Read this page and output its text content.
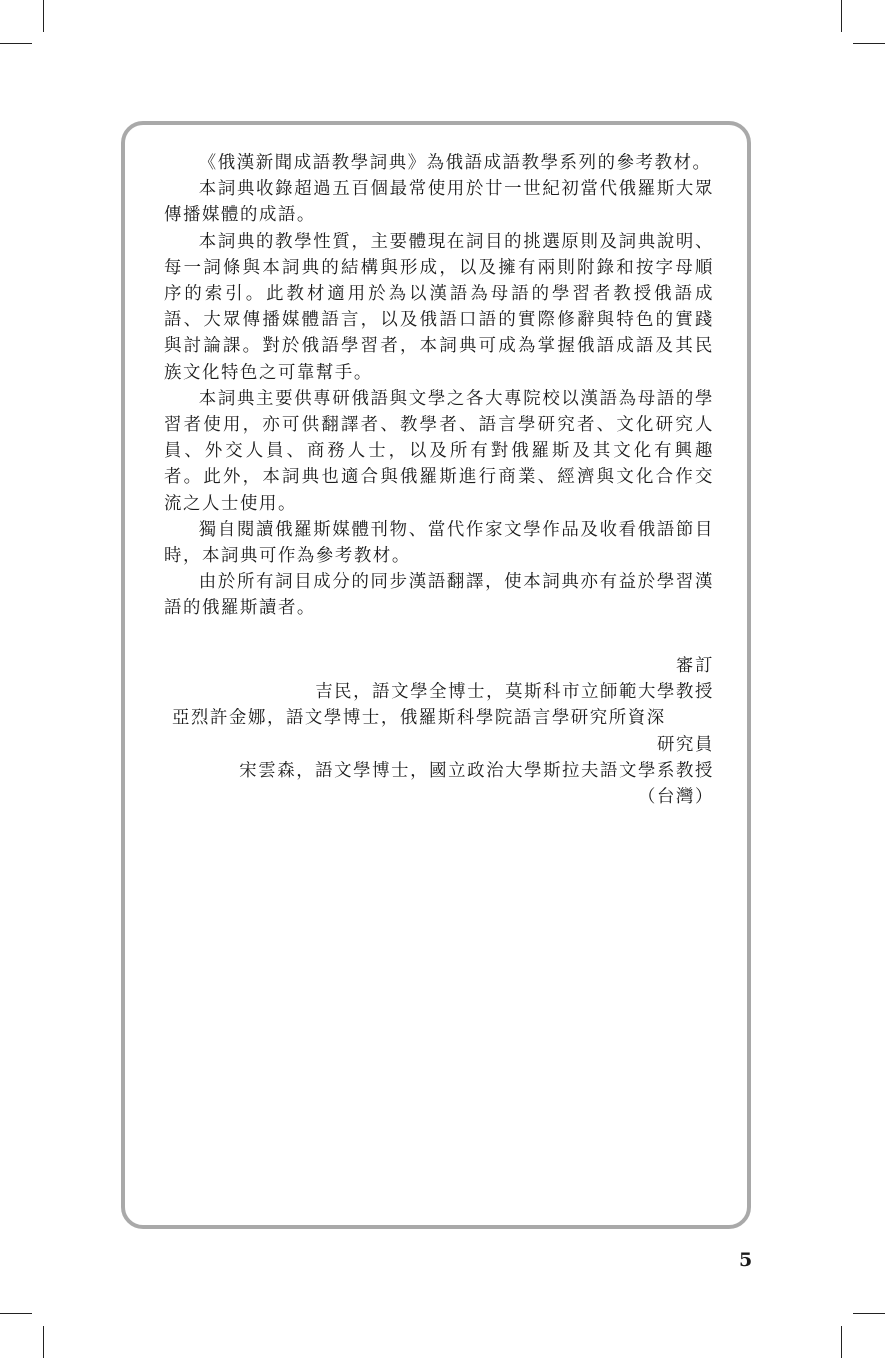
《俄漢新聞成語教學詞典》為俄語成語教學系列的參考教材。

本詞典收錄超過五百個最常使用於廿一世紀初當代俄羅斯大眾傳播媒體的成語。

本詞典的教學性質，主要體現在詞目的挑選原則及詞典說明、每一詞條與本詞典的結構與形成，以及擁有兩則附錄和按字母順序的索引。此教材適用於為以漢語為母語的學習者教授俄語成語、大眾傳播媒體語言，以及俄語口語的實際修辭與特色的實踐與討論課。對於俄語學習者，本詞典可成為掌握俄語成語及其民族文化特色之可靠幫手。

本詞典主要供專研俄語與文學之各大專院校以漢語為母語的學習者使用，亦可供翻譯者、教學者、語言學研究者、文化研究人員、外交人員、商務人士，以及所有對俄羅斯及其文化有興趣者。此外，本詞典也適合與俄羅斯進行商業、經濟與文化合作交流之人士使用。

獨自閱讀俄羅斯媒體刊物、當代作家文學作品及收看俄語節目時，本詞典可作為參考教材。

由於所有詞目成分的同步漢語翻譯，使本詞典亦有益於學習漢語的俄羅斯讀者。

審訂
吉民，語文學全博士，莫斯科市立師範大學教授
亞烈許金娜，語文學博士，俄羅斯科學院語言學研究所資深
研究員
宋雲森，語文學博士，國立政治大學斯拉夫語文學系教授
（台灣）
5
